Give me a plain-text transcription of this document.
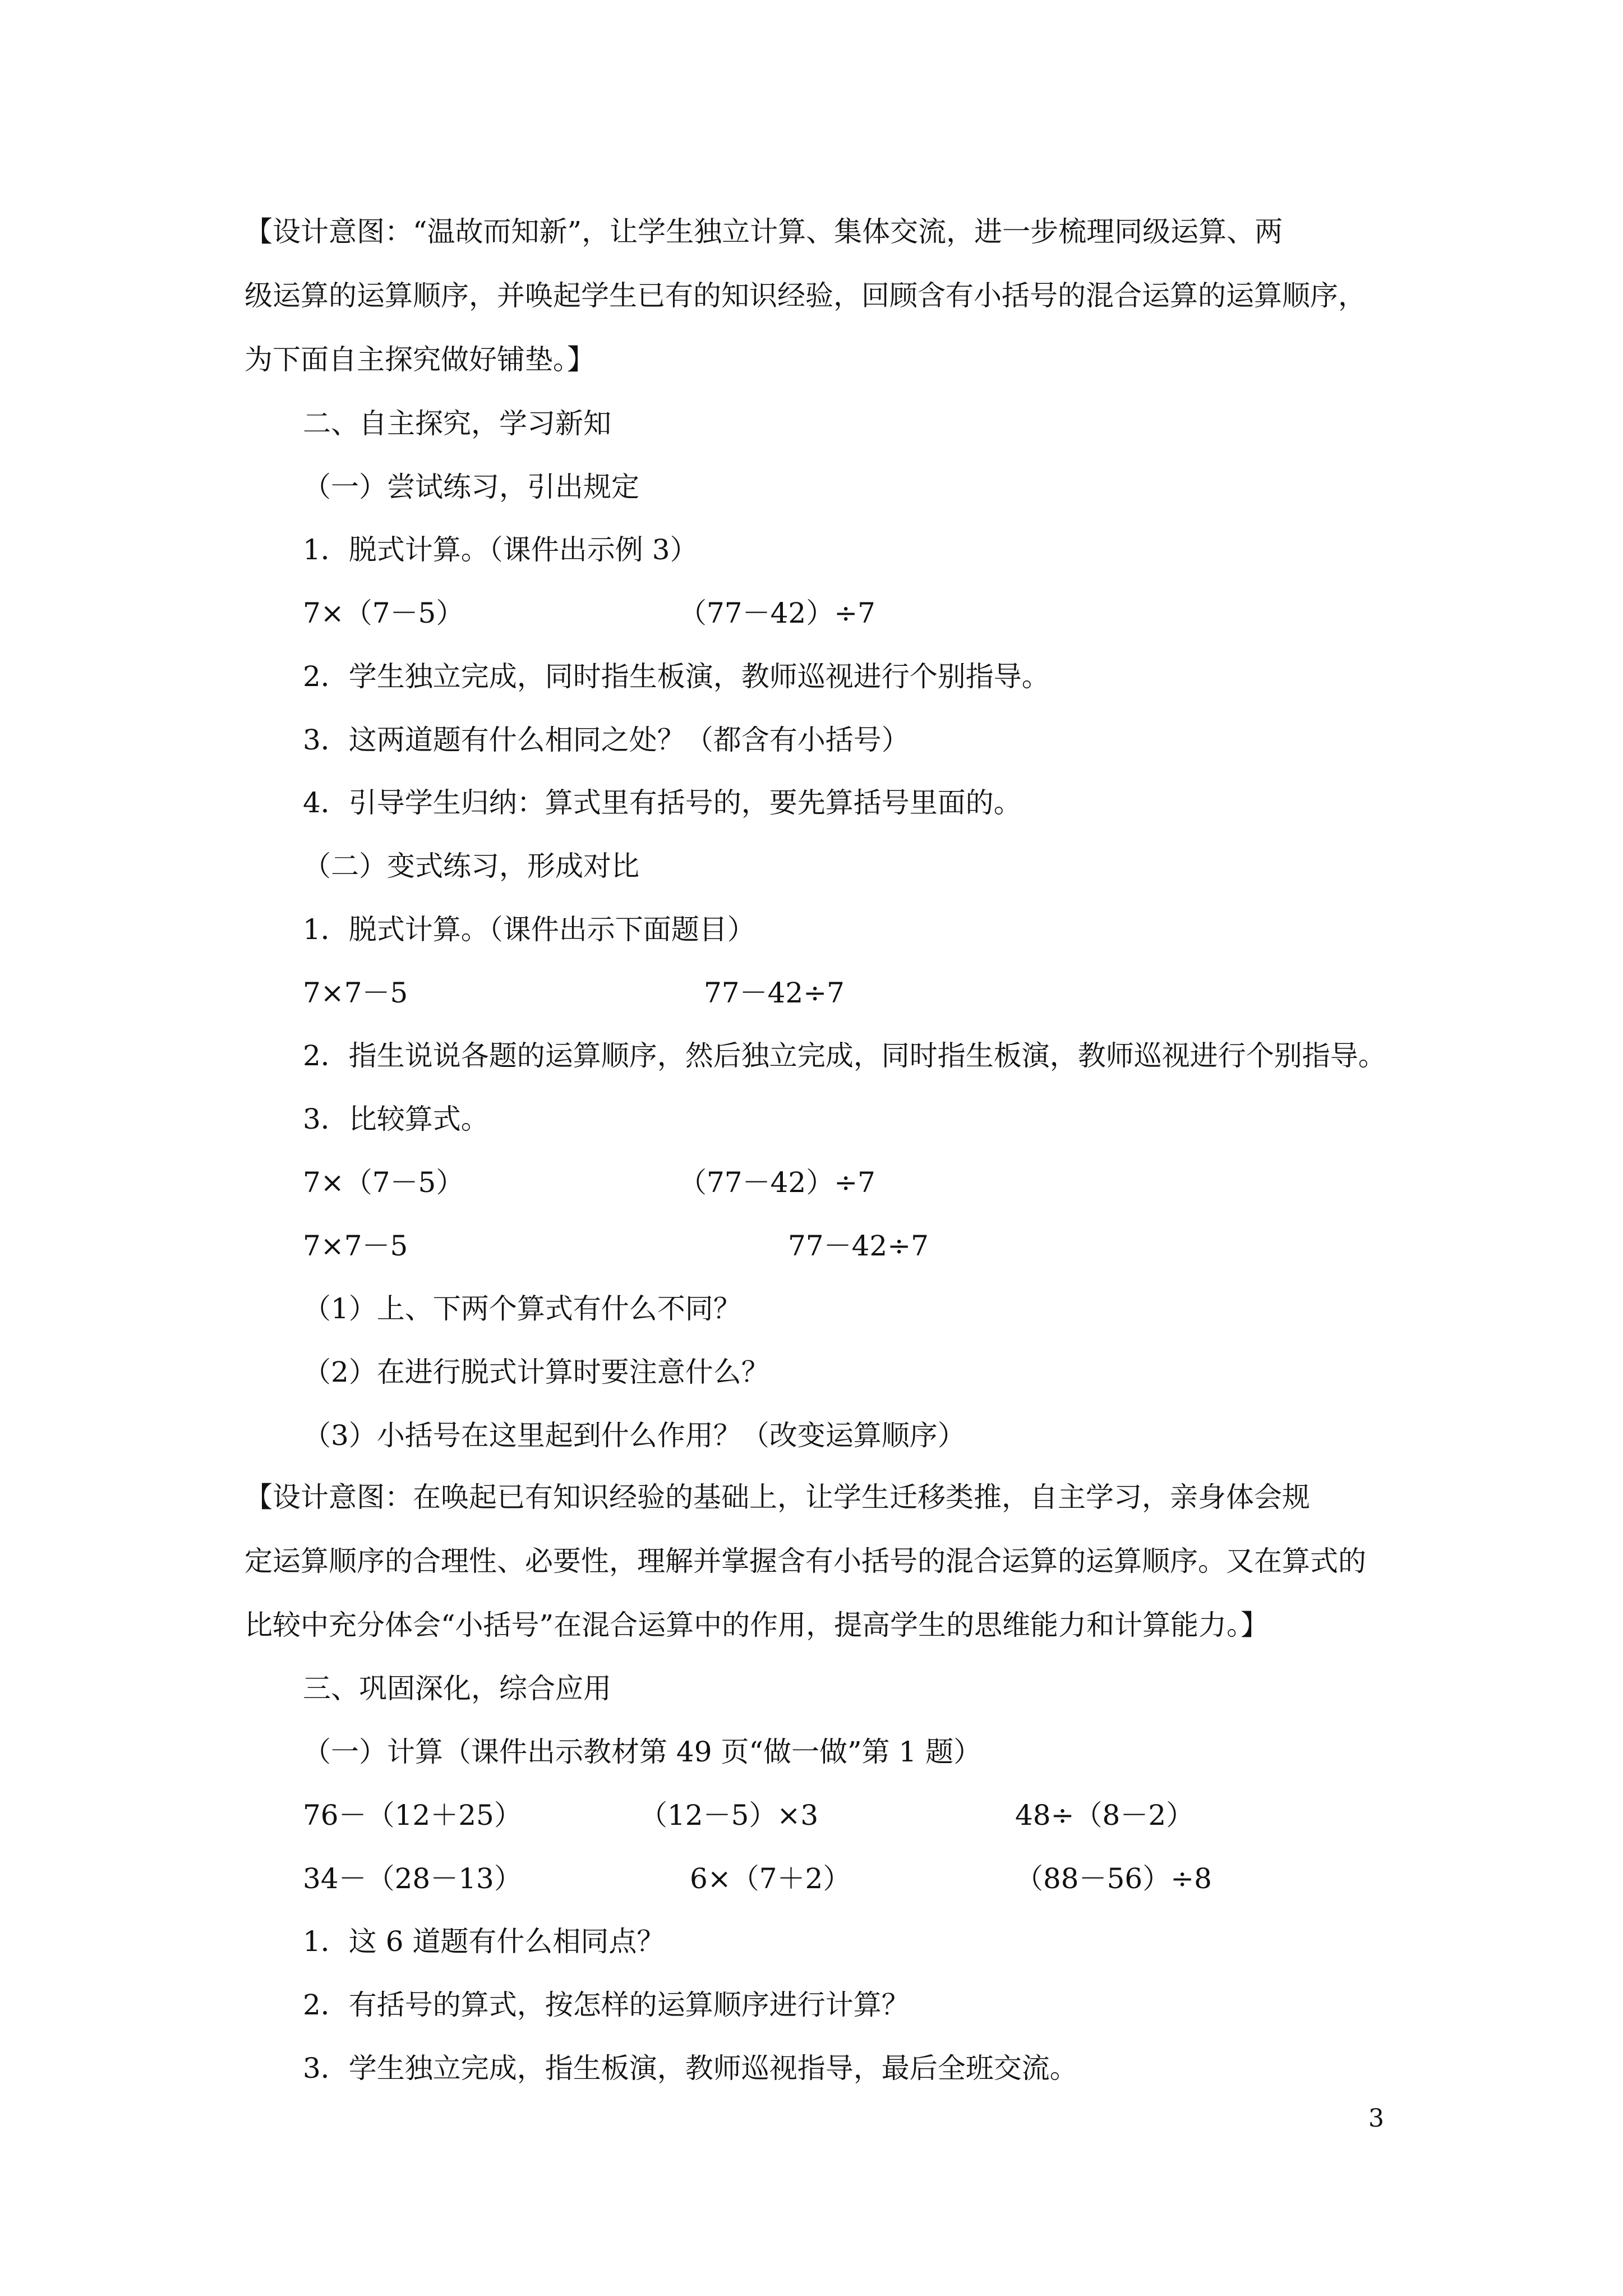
【设计意图：“温故而知新”，让学生独立计算、集体交流，进一步梳理同级运算、两
级运算的运算顺序，并唤起学生已有的知识经验，回顾含有小括号的混合运算的运算顺序，
为下面自主探究做好铺垫。】
二、自主探究，学习新知
（一）尝试练习，引出规定
1．脱式计算。（课件出示例 3）
7×（7－5）	（77－42）÷7
2．学生独立完成，同时指生板演，教师巡视进行个别指导。
3．这两道题有什么相同之处？（都含有小括号）
4．引导学生归纳：算式里有括号的，要先算括号里面的。
（二）变式练习，形成对比
1．脱式计算。（课件出示下面题目）
7×7－5	77－42÷7
2．指生说说各题的运算顺序，然后独立完成，同时指生板演，教师巡视进行个别指导。
3．比较算式。
7×（7－5）	（77－42）÷7
7×7－5	77－42÷7
（1）上、下两个算式有什么不同？
（2）在进行脱式计算时要注意什么？
（3）小括号在这里起到什么作用？（改变运算顺序）
【设计意图：在唤起已有知识经验的基础上，让学生迁移类推，自主学习，亲身体会规
定运算顺序的合理性、必要性，理解并掌握含有小括号的混合运算的运算顺序。又在算式的
比较中充分体会“小括号”在混合运算中的作用，提高学生的思维能力和计算能力。】
三、巩固深化，综合应用
（一）计算（课件出示教材第 49 页“做一做”第 1 题）
76－（12＋25）	（12－5）×3	48÷（8－2）
34－（28－13）	6×（7＋2）	（88－56）÷8
1．这 6 道题有什么相同点？
2．有括号的算式，按怎样的运算顺序进行计算？
3．学生独立完成，指生板演，教师巡视指导，最后全班交流。
3
